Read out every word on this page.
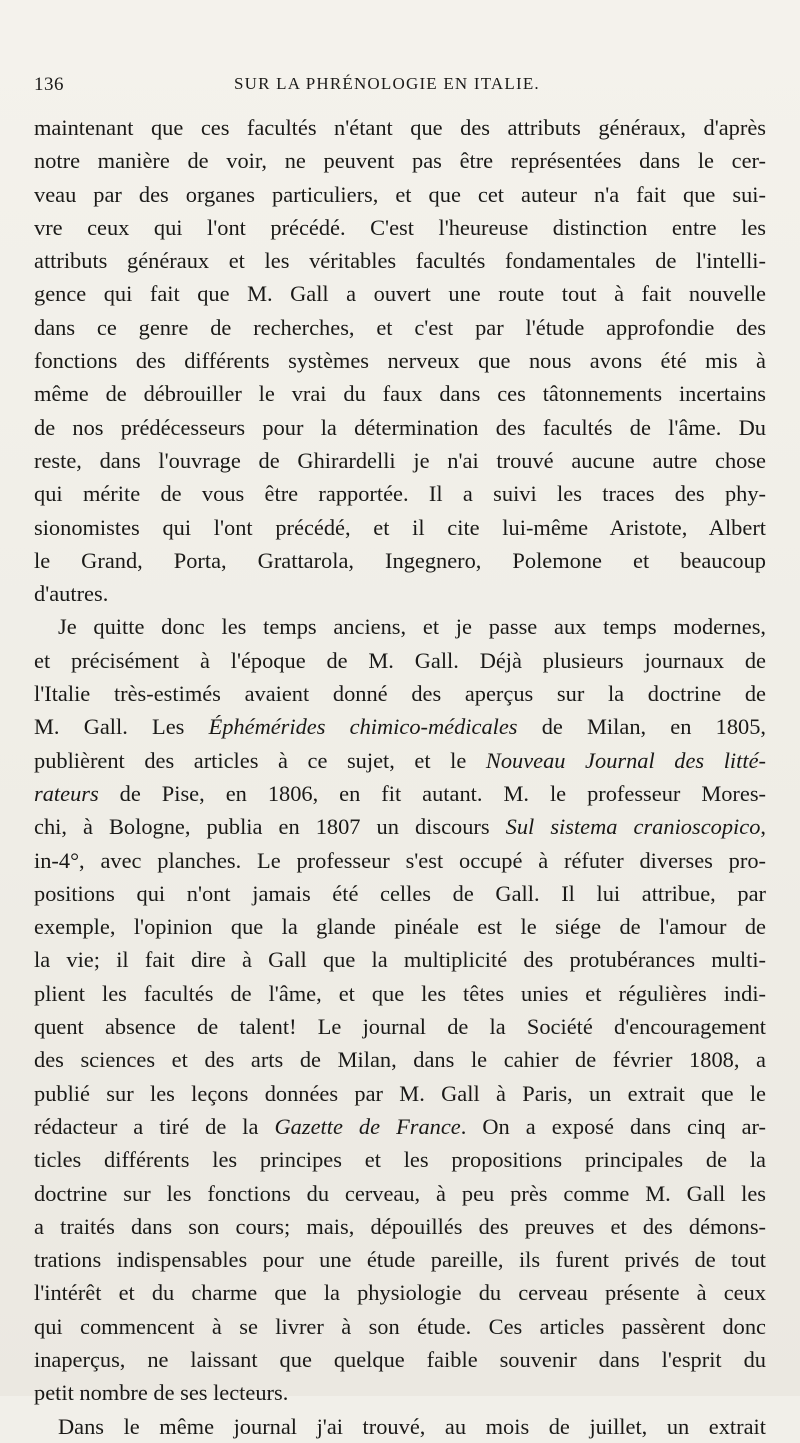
136	SUR LA PHRÉNOLOGIE EN ITALIE.
maintenant que ces facultés n'étant que des attributs généraux, d'après
notre manière de voir, ne peuvent pas être représentées dans le cer-
veau par des organes particuliers, et que cet auteur n'a fait que sui-
vre ceux qui l'ont précédé. C'est l'heureuse distinction entre les
attributs généraux et les véritables facultés fondamentales de l'intelli-
gence qui fait que M. Gall a ouvert une route tout à fait nouvelle
dans ce genre de recherches, et c'est par l'étude approfondie des
fonctions des différents systèmes nerveux que nous avons été mis à
même de débrouiller le vrai du faux dans ces tâtonnements incertains
de nos prédécesseurs pour la détermination des facultés de l'âme. Du
reste, dans l'ouvrage de Ghirardelli je n'ai trouvé aucune autre chose
qui mérite de vous être rapportée. Il a suivi les traces des phy-
sionomistes qui l'ont précédé, et il cite lui-même Aristote, Albert
le Grand, Porta, Grattarola, Ingegnero, Polemone et beaucoup
d'autres.
Je quitte donc les temps anciens, et je passe aux temps modernes,
et précisément à l'époque de M. Gall. Déjà plusieurs journaux de
l'Italie très-estimés avaient donné des aperçus sur la doctrine de
M. Gall. Les Éphémérides chimico-médicales de Milan, en 1805,
publièrent des articles à ce sujet, et le Nouveau Journal des litté-
rateurs de Pise, en 1806, en fit autant. M. le professeur Mores-
chi, à Bologne, publia en 1807 un discours Sul sistema cranioscopico,
in-4°, avec planches. Le professeur s'est occupé à réfuter diverses pro-
positions qui n'ont jamais été celles de Gall. Il lui attribue, par
exemple, l'opinion que la glande pinéale est le siége de l'amour de
la vie; il fait dire à Gall que la multiplicité des protubérances multi-
plient les facultés de l'âme, et que les têtes unies et régulières indi-
quent absence de talent! Le journal de la Société d'encouragement
des sciences et des arts de Milan, dans le cahier de février 1808, a
publié sur les leçons données par M. Gall à Paris, un extrait que le
rédacteur a tiré de la Gazette de France. On a exposé dans cinq ar-
ticles différents les principes et les propositions principales de la
doctrine sur les fonctions du cerveau, à peu près comme M. Gall les
a traités dans son cours; mais, dépouillés des preuves et des démons-
trations indispensables pour une étude pareille, ils furent privés de tout
l'intérêt et du charme que la physiologie du cerveau présente à ceux
qui commencent à se livrer à son étude. Ces articles passèrent donc
inaperçus, ne laissant que quelque faible souvenir dans l'esprit du
petit nombre de ses lecteurs.
Dans le même journal j'ai trouvé, au mois de juillet, un extrait
